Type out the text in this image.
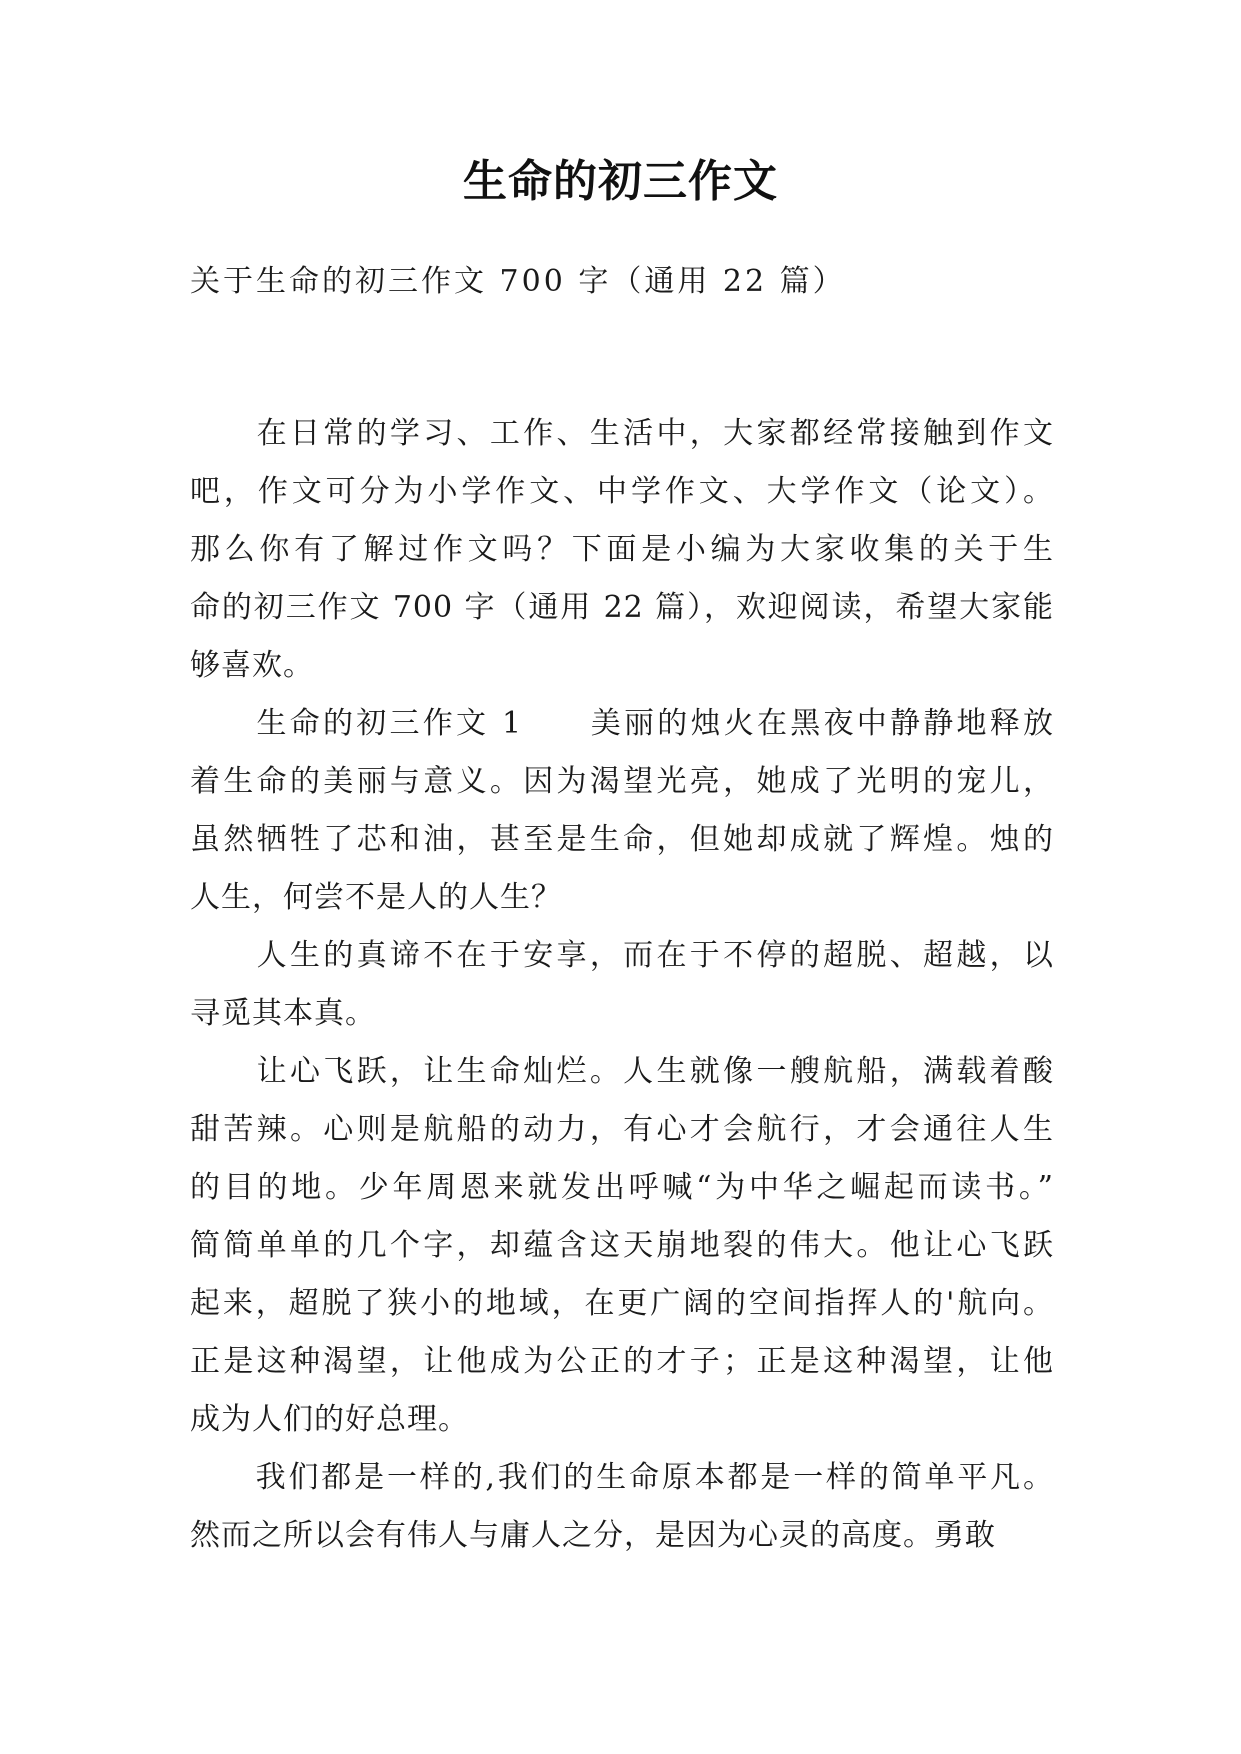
生命的初三作文
关于生命的初三作文 700 字（通用 22 篇）
　　在日常的学习、工作、生活中，大家都经常接触到作文
吧，作文可分为小学作文、中学作文、大学作文（论文）。
那么你有了解过作文吗？下面是小编为大家收集的关于生
命的初三作文 700 字（通用 22 篇），欢迎阅读，希望大家能
够喜欢。
　　生命的初三作文 1　　美丽的烛火在黑夜中静静地释放
着生命的美丽与意义。因为渴望光亮，她成了光明的宠儿，
虽然牺牲了芯和油，甚至是生命，但她却成就了辉煌。烛的
人生，何尝不是人的人生？
　　人生的真谛不在于安享，而在于不停的超脱、超越，以
寻觅其本真。
　　让心飞跃，让生命灿烂。人生就像一艘航船，满载着酸
甜苦辣。心则是航船的动力，有心才会航行，才会通往人生
的目的地。少年周恩来就发出呼喊“为中华之崛起而读书。”
简简单单的几个字，却蕴含这天崩地裂的伟大。他让心飞跃
起来，超脱了狭小的地域，在更广阔的空间指挥人的'航向。
正是这种渴望，让他成为公正的才子；正是这种渴望，让他
成为人们的好总理。
　　我们都是一样的,我们的生命原本都是一样的简单平凡。
然而之所以会有伟人与庸人之分，是因为心灵的高度。勇敢
